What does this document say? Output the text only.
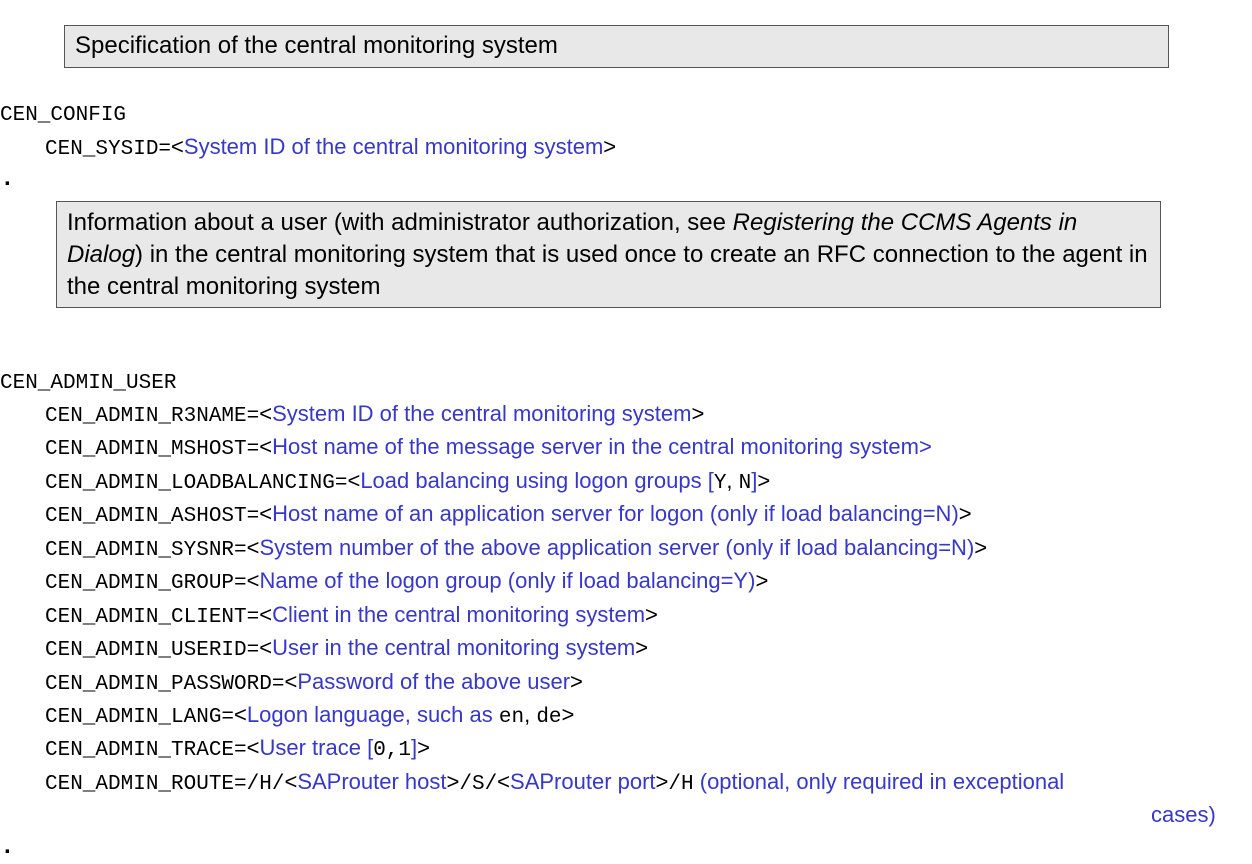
Specification of the central monitoring system
CEN_CONFIG
CEN_SYSID=<System ID of the central monitoring system>
.
Information about a user (with administrator authorization, see Registering the CCMS Agents in Dialog) in the central monitoring system that is used once to create an RFC connection to the agent in the central monitoring system
CEN_ADMIN_USER
CEN_ADMIN_R3NAME=<System ID of the central monitoring system>
CEN_ADMIN_MSHOST=<Host name of the message server in the central monitoring system>
CEN_ADMIN_LOADBALANCING=<Load balancing using logon groups [Y, N]>
CEN_ADMIN_ASHOST=<Host name of an application server for logon (only if load balancing=N)>
CEN_ADMIN_SYSNR=<System number of the above application server (only if load balancing=N)>
CEN_ADMIN_GROUP=<Name of the logon group (only if load balancing=Y)>
CEN_ADMIN_CLIENT=<Client in the central monitoring system>
CEN_ADMIN_USERID=<User in the central monitoring system>
CEN_ADMIN_PASSWORD=<Password of the above user>
CEN_ADMIN_LANG=<Logon language, such as en, de>
CEN_ADMIN_TRACE=<User trace [0,1]>
CEN_ADMIN_ROUTE=/H/<SAProuter host>/S/<SAProuter port>/H (optional, only required in exceptional
cases)
.
